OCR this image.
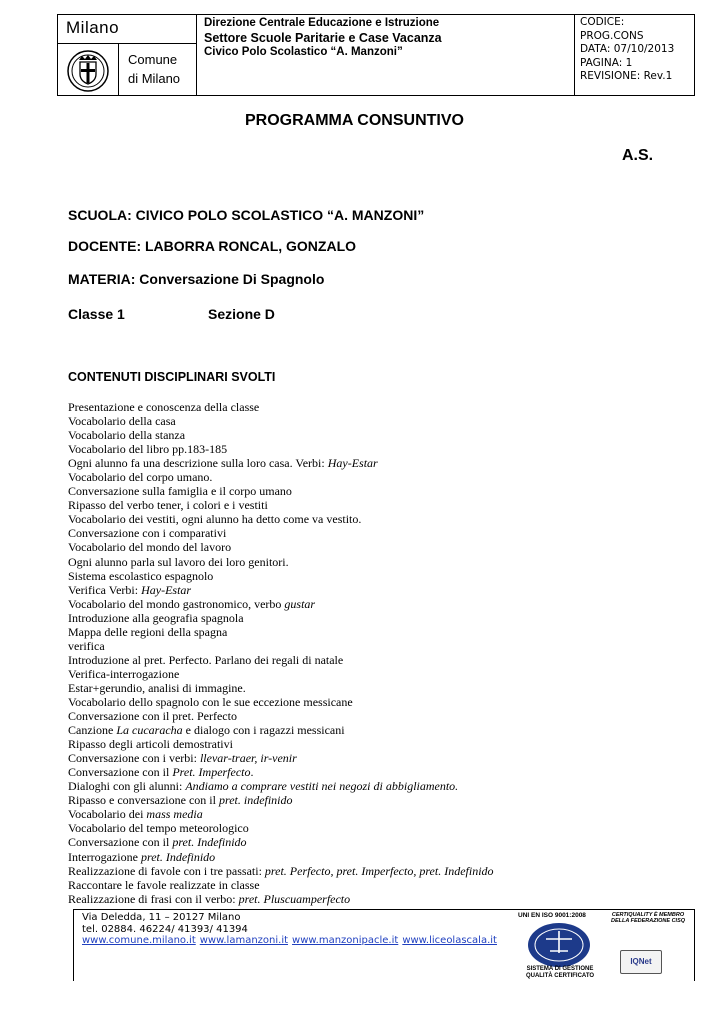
Milano
Comune
di Milano
Direzione Centrale Educazione e Istruzione
Settore Scuole Paritarie e Case Vacanza
Civico Polo Scolastico “A. Manzoni”
CODICE:
PROG.CONS
DATA: 07/10/2013
PAGINA: 1
REVISIONE: Rev.1
PROGRAMMA CONSUNTIVO
A.S.
SCUOLA: CIVICO POLO SCOLASTICO “A. MANZONI”
DOCENTE: LABORRA RONCAL, GONZALO
MATERIA: Conversazione Di Spagnolo
Classe 1	Sezione D
CONTENUTI DISCIPLINARI SVOLTI
Presentazione e conoscenza della classe
Vocabolario della casa
Vocabolario della stanza
Vocabolario del libro pp.183-185
Ogni alunno fa una descrizione sulla loro casa. Verbi: Hay-Estar
Vocabolario del corpo umano.
Conversazione sulla famiglia e il corpo umano
Ripasso del verbo tener, i colori e i vestiti
Vocabolario dei vestiti, ogni alunno ha detto come va vestito.
Conversazione con i comparativi
Vocabolario del mondo del lavoro
Ogni alunno parla sul lavoro dei loro genitori.
Sistema escolastico espagnolo
Verifica Verbi: Hay-Estar
Vocabolario del mondo gastronomico, verbo gustar
Introduzione alla geografia spagnola
Mappa delle regioni della spagna
verifica
Introduzione al pret. Perfecto. Parlano dei regali di natale
Verifica-interrogazione
Estar+gerundio, analisi di immagine.
Vocabolario dello spagnolo con le sue eccezione messicane
Conversazione con il pret. Perfecto
Canzione La cucaracha e dialogo con i ragazzi messicani
Ripasso degli articoli demostrativi
Conversazione con i verbi: llevar-traer, ir-venir
Conversazione con il Pret. Imperfecto.
Dialoghi con gli alunni: Andiamo a comprare vestiti nei negozi di abbigliamento.
Ripasso e conversazione con il pret. indefinido
Vocabolario dei mass media
Vocabolario del tempo meteorologico
Conversazione con il pret. Indefinido
Interrogazione pret. Indefinido
Realizzazione di favole con i tre passati: pret. Perfecto, pret. Imperfecto, pret. Indefinido
Raccontare le favole realizzate in classe
Realizzazione di frasi con il verbo: pret. Pluscuamperfecto
Via Deledda, 11 – 20127 Milano
tel. 02884. 46224/ 41393/ 41394
www.comune.milano.it www.lamanzoni.it www.manzonipacle.it www.liceolascala.it
UNI EN ISO 9001:2008	CERTIQUALITY È MEMBRO DELLA FEDERAZIONE CISQ
SISTEMA DI GESTIONE QUALITÀ CERTIFICATO
IQNet
